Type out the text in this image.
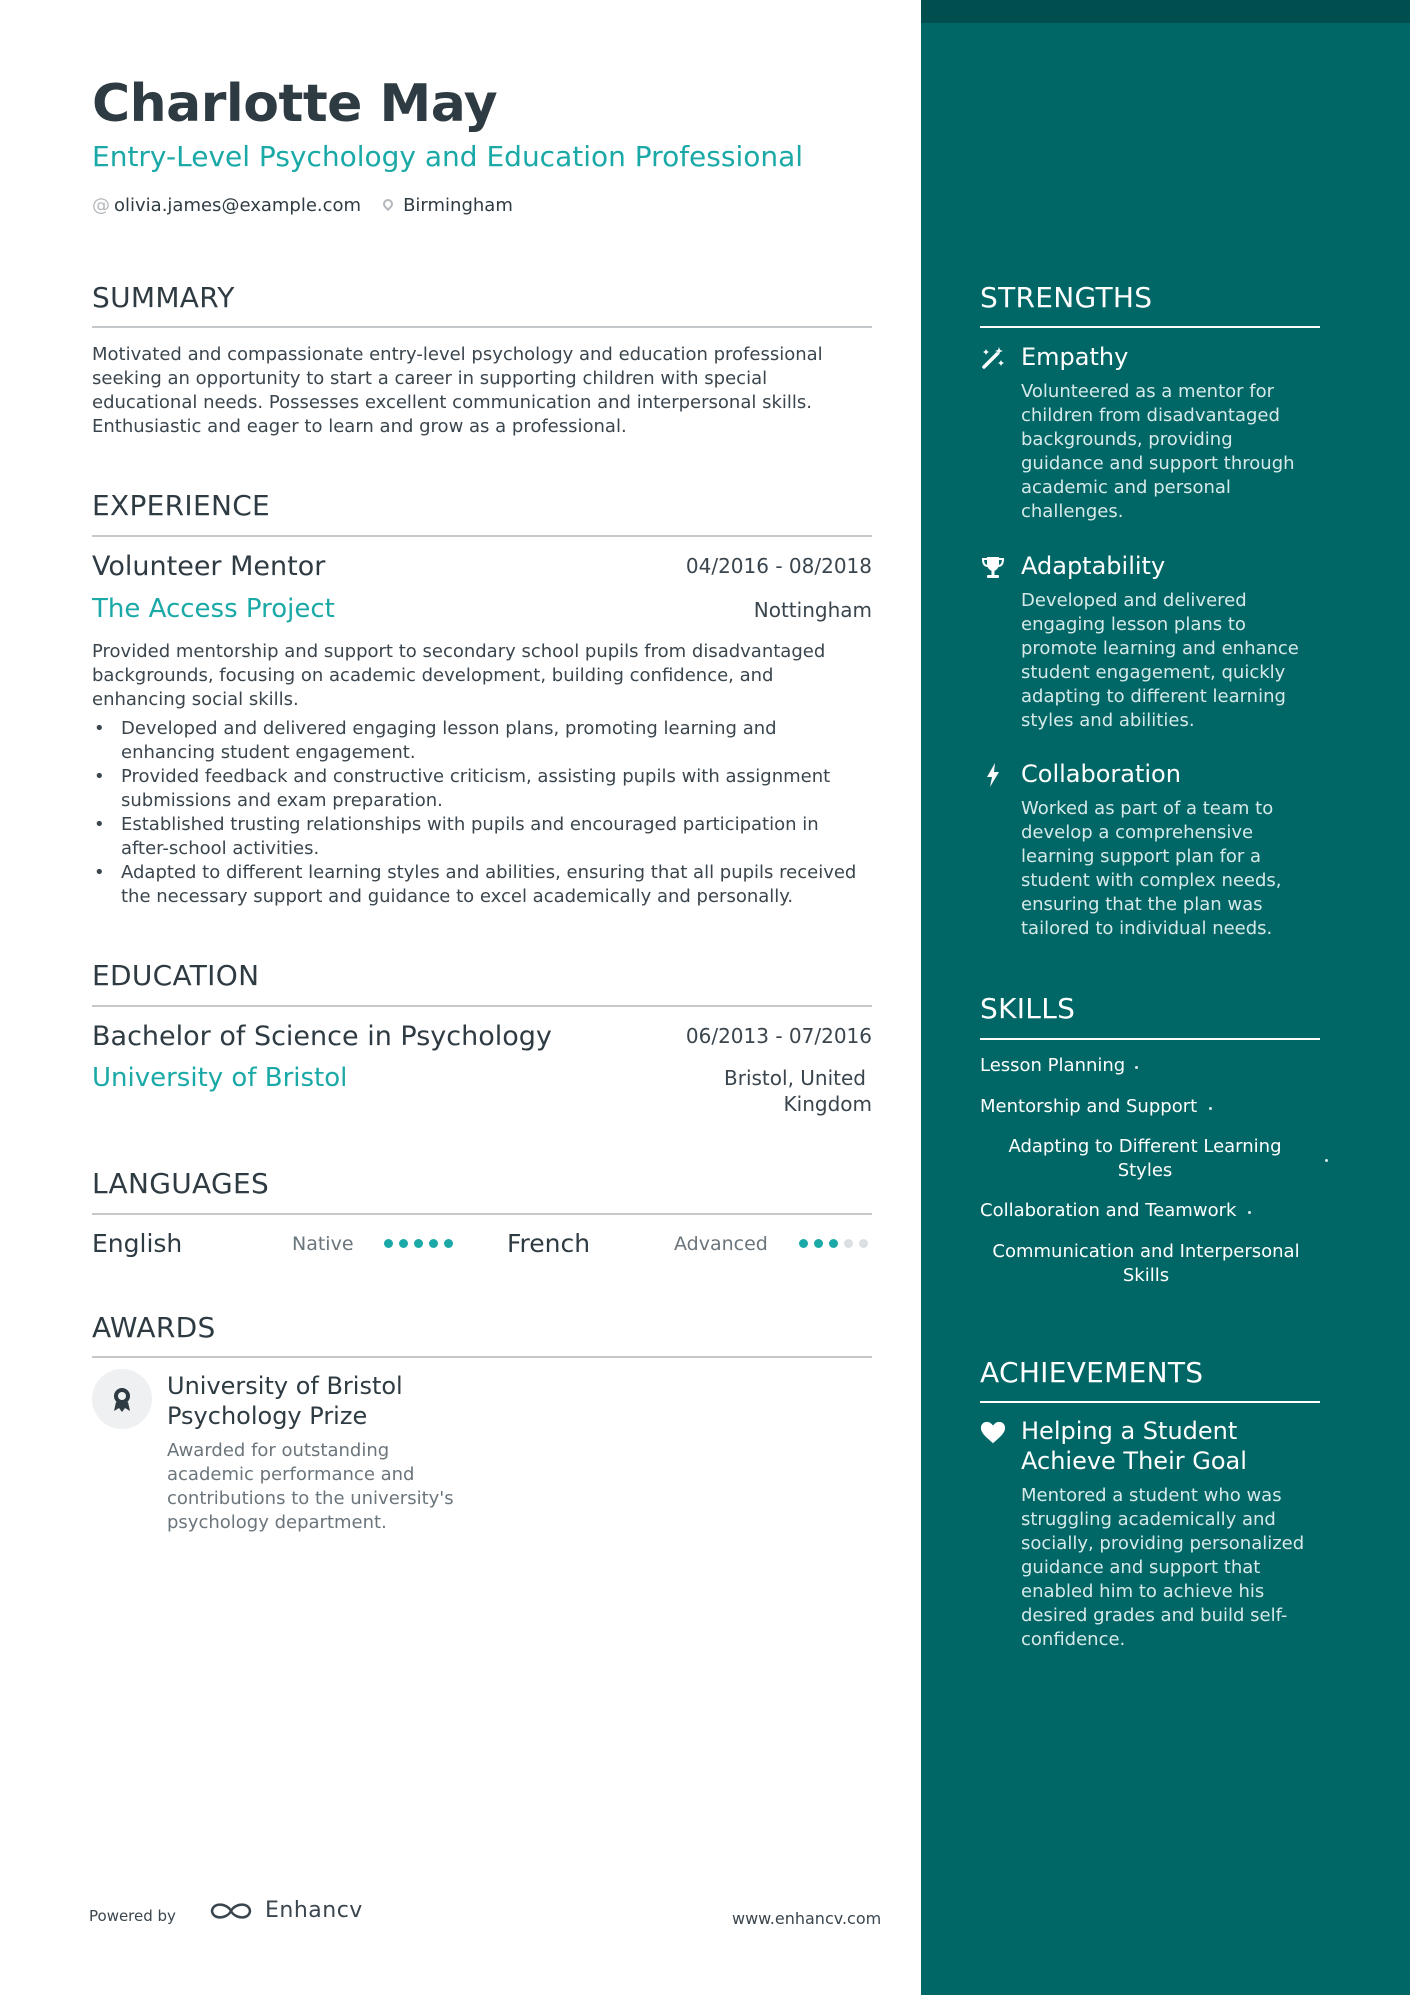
Charlotte May
Entry-Level Psychology and Education Professional
@ olivia.james@example.com Birmingham
SUMMARY
Motivated and compassionate entry-level psychology and education professional seeking an opportunity to start a career in supporting children with special educational needs. Possesses excellent communication and interpersonal skills. Enthusiastic and eager to learn and grow as a professional.
EXPERIENCE
Volunteer Mentor	04/2016 - 08/2018
The Access Project	Nottingham
Provided mentorship and support to secondary school pupils from disadvantaged backgrounds, focusing on academic development, building confidence, and enhancing social skills.
• Developed and delivered engaging lesson plans, promoting learning and enhancing student engagement.
• Provided feedback and constructive criticism, assisting pupils with assignment submissions and exam preparation.
• Established trusting relationships with pupils and encouraged participation in after-school activities.
• Adapted to different learning styles and abilities, ensuring that all pupils received the necessary support and guidance to excel academically and personally.
EDUCATION
Bachelor of Science in Psychology	06/2013 - 07/2016
University of Bristol	Bristol, United
Kingdom
LANGUAGES
English	Native	French	Advanced
AWARDS
University of Bristol Psychology Prize
Awarded for outstanding academic performance and contributions to the university's psychology department.
Powered by	Enhancv	www.enhancv.com
STRENGTHS
Empathy
Volunteered as a mentor for children from disadvantaged backgrounds, providing guidance and support through academic and personal challenges.
Adaptability
Developed and delivered engaging lesson plans to promote learning and enhance student engagement, quickly adapting to different learning styles and abilities.
Collaboration
Worked as part of a team to develop a comprehensive learning support plan for a student with complex needs, ensuring that the plan was tailored to individual needs.
SKILLS
Lesson Planning
Mentorship and Support
Adapting to Different Learning Styles
Collaboration and Teamwork
Communication and Interpersonal Skills
ACHIEVEMENTS
Helping a Student Achieve Their Goal
Mentored a student who was struggling academically and socially, providing personalized guidance and support that enabled him to achieve his desired grades and build self-confidence.
